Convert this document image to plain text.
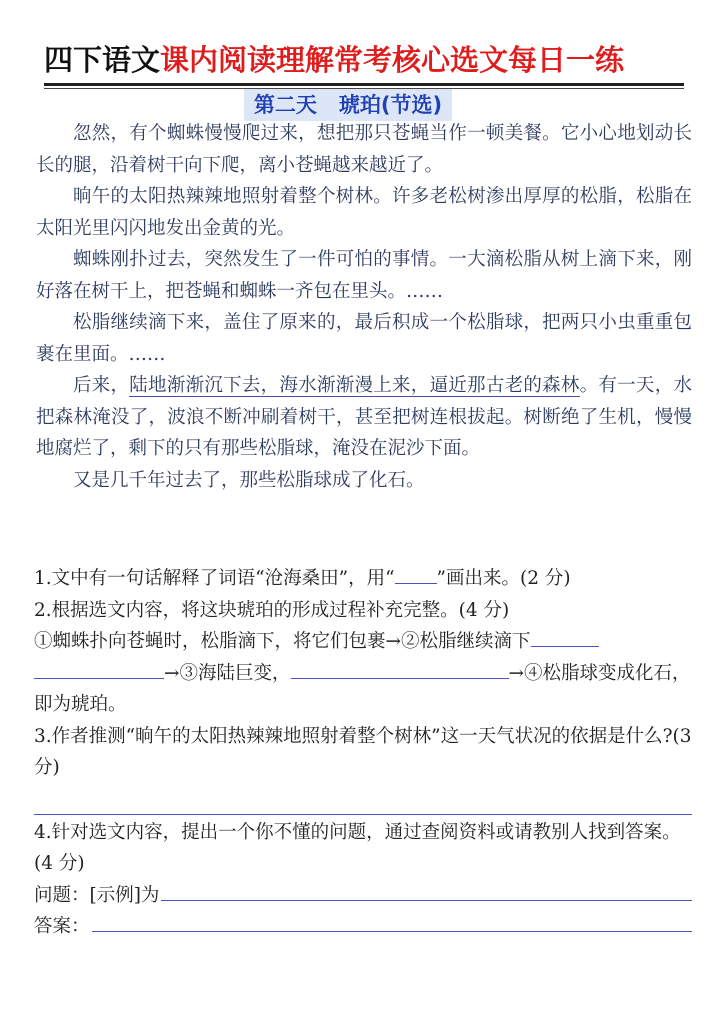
四下语文课内阅读理解常考核心选文每日一练
第二天   琥珀(节选)

忽然，有个蜘蛛慢慢爬过来，想把那只苍蝇当作一顿美餐。它小心地划动长长的腿，沿着树干向下爬，离小苍蝇越来越近了。

晌午的太阳热辣辣地照射着整个树林。许多老松树渗出厚厚的松脂，松脂在太阳光里闪闪地发出金黄的光。

蜘蛛刚扑过去，突然发生了一件可怕的事情。一大滴松脂从树上滴下来，刚好落在树干上，把苍蝇和蜘蛛一齐包在里头。……

松脂继续滴下来，盖住了原来的，最后积成一个松脂球，把两只小虫重重包裹在里面。……

后来，陆地渐渐沉下去，海水渐渐漫上来，逼近那古老的森林。有一天，水把森林淹没了，波浪不断冲刷着树干，甚至把树连根拔起。树断绝了生机，慢慢地腐烂了，剩下的只有那些松脂球，淹没在泥沙下面。

又是几千年过去了，那些松脂球成了化石。

1.文中有一句话解释了词语“沧海桑田”，用“ ”画出来。(2 分)

2.根据选文内容，将这块琥珀的形成过程补充完整。(4 分)

①蜘蛛扑向苍蝇时，松脂滴下，将它们包裹→②松脂继续滴下
→③海陆巨变，	→④松脂球变成化石，即为琥珀。

3.作者推测“晌午的太阳热辣辣地照射着整个树林”这一天气状况的依据是什么?(3 分)

4.针对选文内容，提出一个你不懂的问题，通过查阅资料或请教别人找到答案。(4 分)

问题：[示例]为
答案：
